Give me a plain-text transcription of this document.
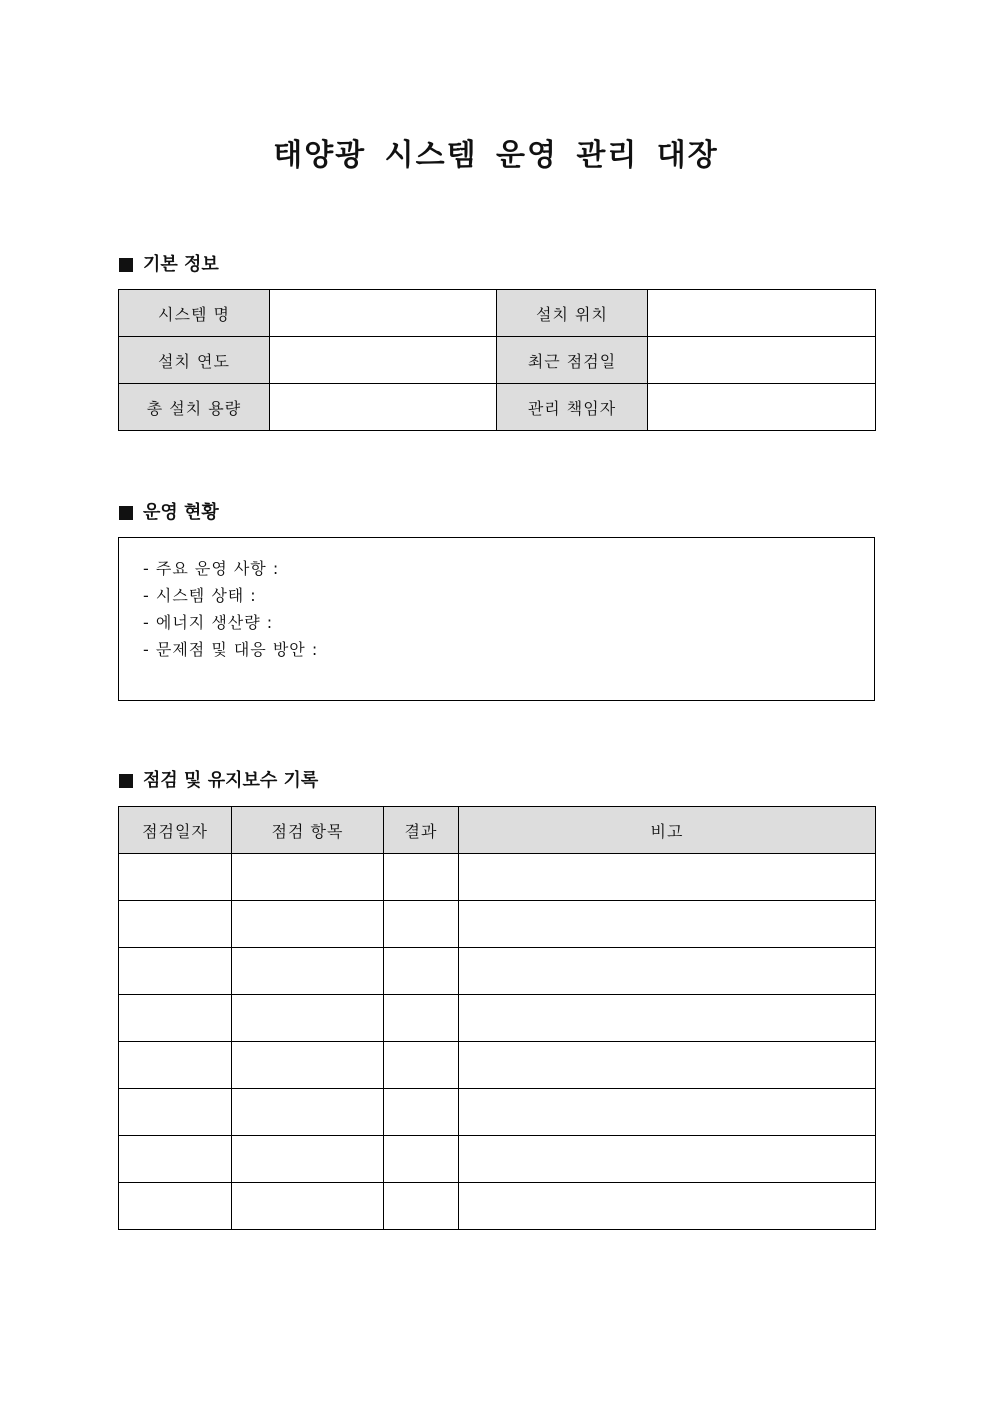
태양광 시스템 운영 관리 대장
기본 정보
시스템 명		설치 위치	
설치 연도		최근 점검일	
총 설치 용량		관리 책임자	
운영 현황
- 주요 운영 사항 :
- 시스템 상태 :
- 에너지 생산량 :
- 문제점 및 대응 방안 :
점검 및 유지보수 기록
점검일자	점검 항목	결과	비고
